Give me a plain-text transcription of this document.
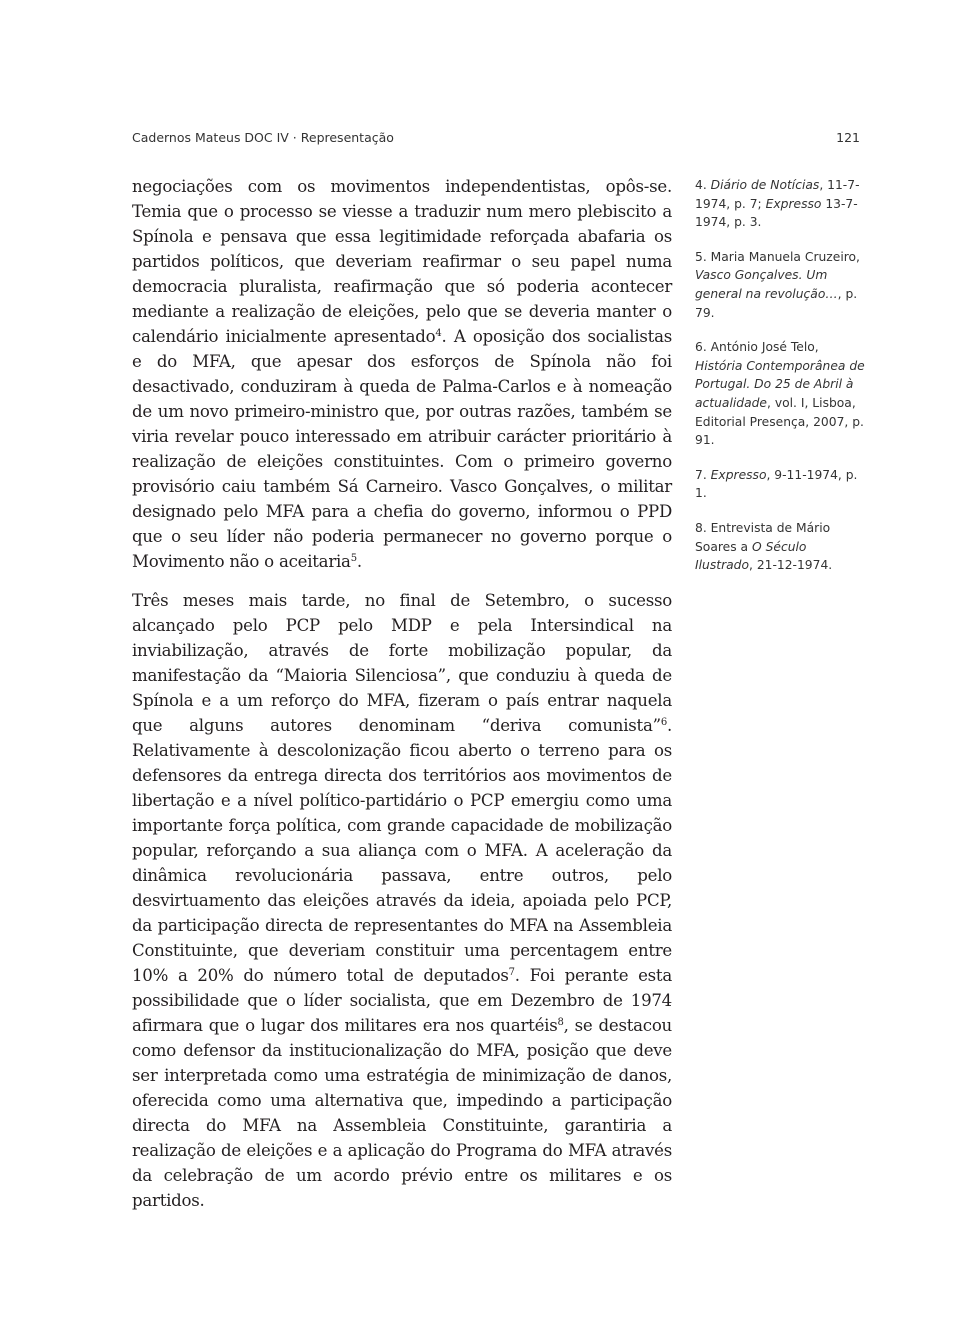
Cadernos Mateus DOC IV · Representação	121

negociações com os movimentos independentistas, opôs-se. Temia que o processo se viesse a traduzir num mero plebiscito a Spínola e pensava que essa legitimidade reforçada abafaria os partidos políticos, que deveriam reafirmar o seu papel numa democracia pluralista, reafirmação que só poderia acontecer mediante a realização de eleições, pelo que se deveria manter o calendário inicialmente apresentado$^4$. A oposição dos socialistas e do MFA, que apesar dos esforços de Spínola não foi desactivado, conduziram à queda de Palma-Carlos e à nomeação de um novo primeiro-ministro que, por outras razões, também se viria revelar pouco interessado em atribuir carácter prioritário à realização de eleições constituintes. Com o primeiro governo provisório caiu também Sá Carneiro. Vasco Gonçalves, o militar designado pelo MFA para a chefia do governo, informou o PPD que o seu líder não poderia permanecer no governo porque o Movimento não o aceitaria$^5$.

Três meses mais tarde, no final de Setembro, o sucesso alcançado pelo PCP pelo MDP e pela Intersindical na inviabilização, através de forte mobilização popular, da manifestação da “Maioria Silenciosa”, que conduziu à queda de Spínola e a um reforço do MFA, fizeram o país entrar naquela que alguns autores denominam “deriva comunista”$^6$. Relativamente à descolonização ficou aberto o terreno para os defensores da entrega directa dos territórios aos movimentos de libertação e a nível político-partidário o PCP emergiu como uma importante força política, com grande capacidade de mobilização popular, reforçando a sua aliança com o MFA. A aceleração da dinâmica revolucionária passava, entre outros, pelo desvirtuamento das eleições através da ideia, apoiada pelo PCP, da participação directa de representantes do MFA na Assembleia Constituinte, que deveriam constituir uma percentagem entre 10% a 20% do número total de deputados$^7$. Foi perante esta possibilidade que o líder socialista, que em Dezembro de 1974 afirmara que o lugar dos militares era nos quartéis$^8$, se destacou como defensor da institucionalização do MFA, posição que deve ser interpretada como uma estratégia de minimização de danos, oferecida como uma alternativa que, impedindo a participação directa do MFA na Assembleia Constituinte, garantiria a realização de eleições e a aplicação do Programa do MFA através da celebração de um acordo prévio entre os militares e os partidos.

4. Diário de Notícias, 11-7-1974, p. 7; Expresso 13-7-1974, p. 3.

5. Maria Manuela Cruzeiro, Vasco Gonçalves. Um general na revolução…, p. 79.

6. António José Telo, História Contemporânea de Portugal. Do 25 de Abril à actualidade, vol. I, Lisboa, Editorial Presença, 2007, p. 91.

7. Expresso, 9-11-1974, p. 1.

8. Entrevista de Mário Soares a O Século Ilustrado, 21-12-1974.
